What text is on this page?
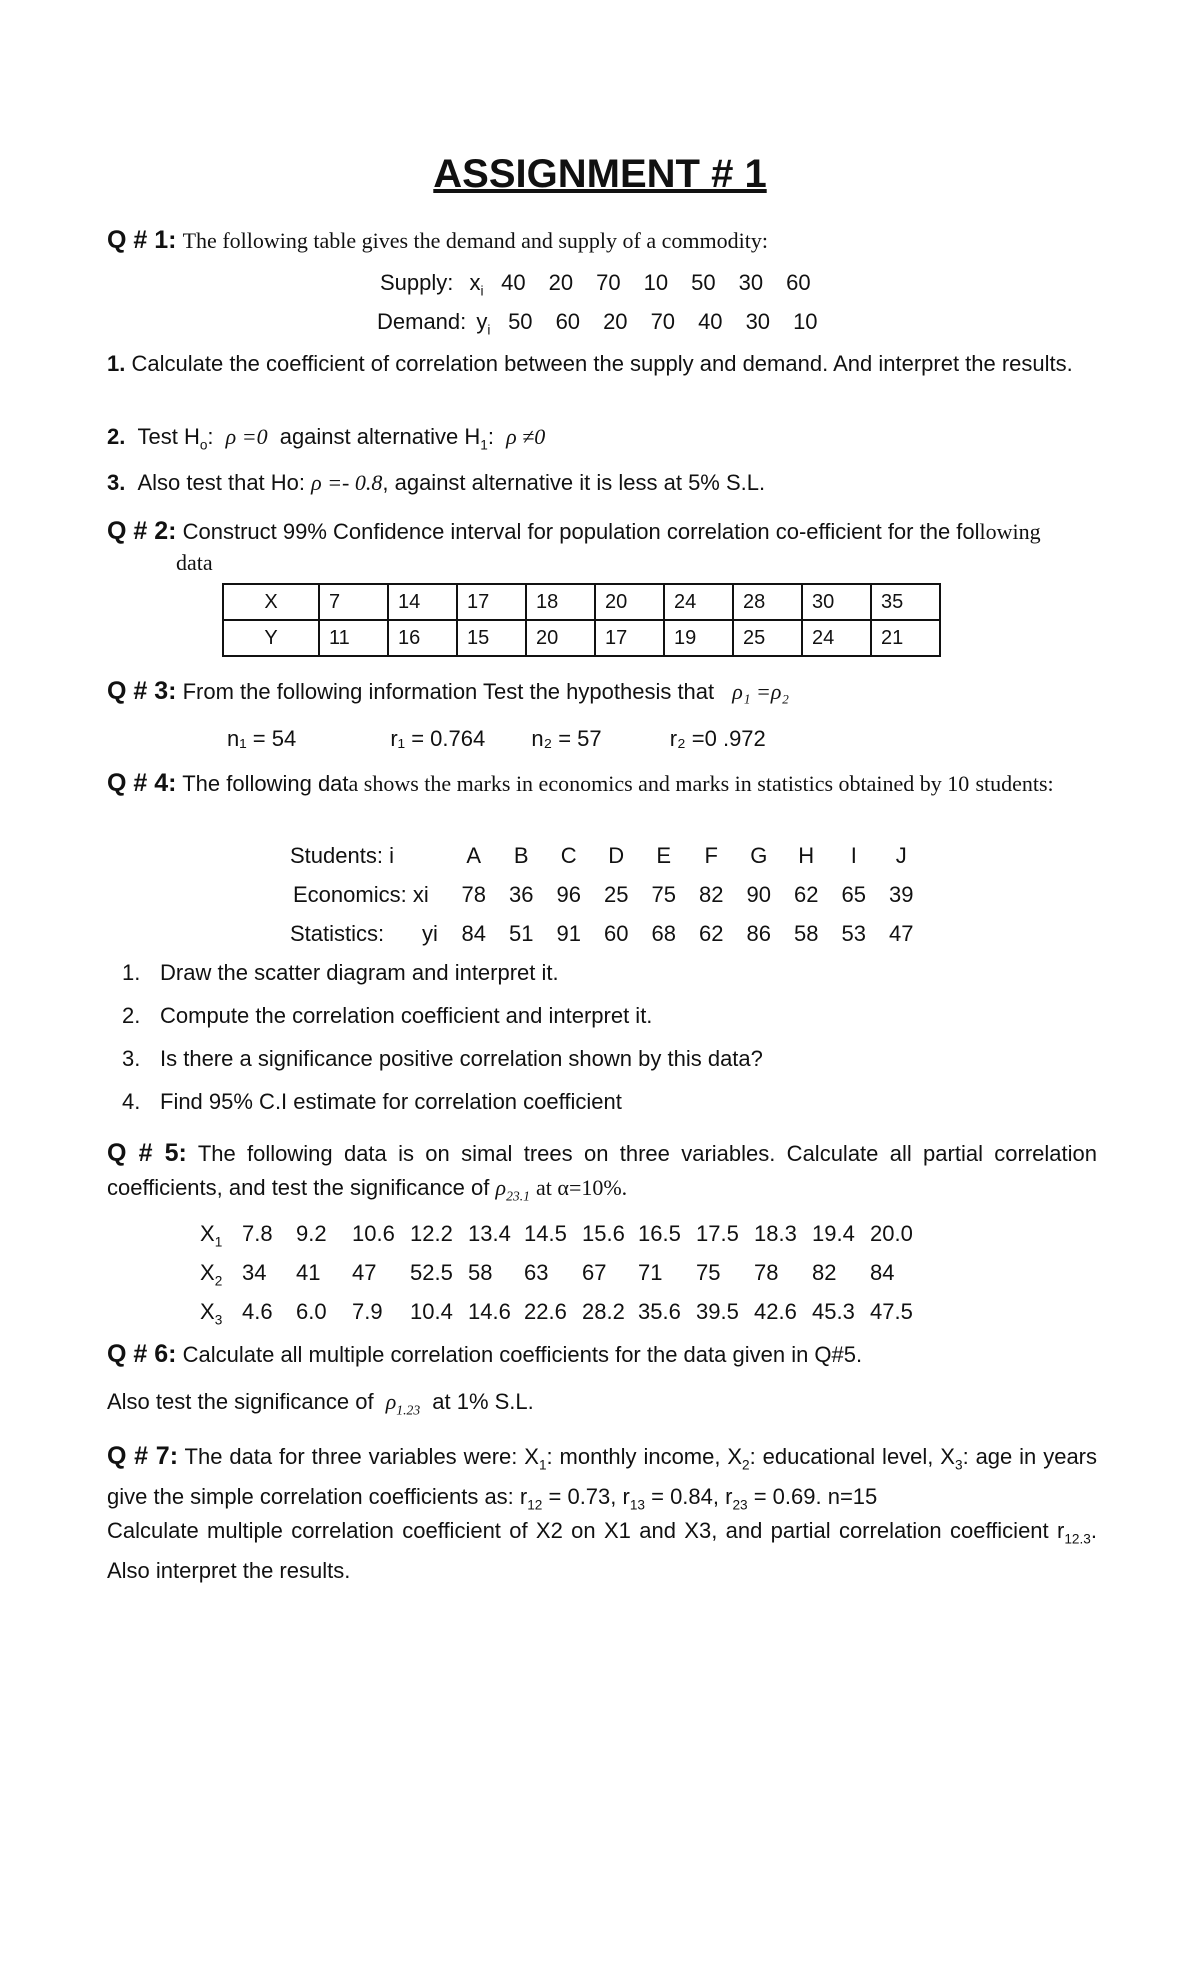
ASSIGNMENT # 1
Q # 1: The following table gives the demand and supply of a commodity:
Supply: $x_i$ 40 20 70 10 50 30 60
Demand: $y_i$ 50 60 20 70 40 30 10
1. Calculate the coefficient of correlation between the supply and demand. And interpret the results.
2. Test $H_o$: ρ =0 against alternative $H_1$: ρ ≠0
3. Also test that Ho: ρ =- 0.8, against alternative it is less at 5% S.L.
Q # 2: Construct 99% Confidence interval for population correlation co-efficient for the following
data
X	7	14	17	18	20	24	28	30	35
Y	11	16	15	20	17	19	25	24	21
Q # 3: From the following information Test the hypothesis that ρ₁ =ρ₂
n₁ = 54	r₁ = 0.764 n₂ = 57	r₂ =0 .972
Q # 4: The following data shows the marks in economics and marks in statistics obtained by 10 students:
Students: i	A B C D E F G H I J
Economics: xi 78 36 96 25 75 82 90 62 65 39
Statistics: yi 84 51 91 60 68 62 86 58 53 47
1. Draw the scatter diagram and interpret it.
2. Compute the correlation coefficient and interpret it.
3. Is there a significance positive correlation shown by this data?
4. Find 95% C.I estimate for correlation coefficient
Q # 5: The following data is on simal trees on three variables. Calculate all partial correlation coefficients, and test the significance of $\rho_{23.1}$ at α=10%.
$X_1$ 7.8 9.2 10.6 12.2 13.4 14.5 15.6 16.5 17.5 18.3 19.4 20.0
$X_2$ 34 41 47 52.5 58 63 67 71 75 78 82 84
$X_3$ 4.6 6.0 7.9 10.4 14.6 22.6 28.2 35.6 39.5 42.6 45.3 47.5
Q # 6: Calculate all multiple correlation coefficients for the data given in Q#5.
Also test the significance of $\rho_{1.23}$ at 1% S.L.
Q # 7: The data for three variables were: $X_1$: monthly income, $X_2$: educational level, $X_3$: age in years give the simple correlation coefficients as: $r_{12} = 0.73$, $r_{13} = 0.84$, $r_{23} = 0.69$. n=15
Calculate multiple correlation coefficient of X2 on X1 and X3, and partial correlation coefficient $r_{12.3}$. Also interpret the results.
